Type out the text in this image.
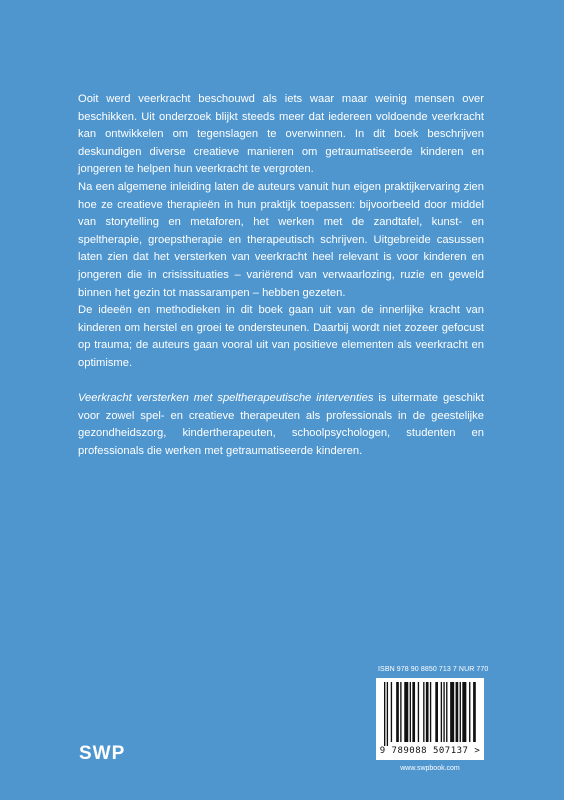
Ooit werd veerkracht beschouwd als iets waar maar weinig mensen over beschikken. Uit onderzoek blijkt steeds meer dat iedereen voldoende veerkracht kan ontwikkelen om tegenslagen te overwinnen. In dit boek beschrijven deskundigen diverse creatieve manieren om getraumatiseerde kinderen en jongeren te helpen hun veerkracht te vergroten.

Na een algemene inleiding laten de auteurs vanuit hun eigen praktijkervaring zien hoe ze creatieve therapieën in hun praktijk toepassen: bijvoorbeeld door middel van storytelling en metaforen, het werken met de zandtafel, kunst- en speltherapie, groepstherapie en therapeutisch schrijven. Uitgebreide casussen laten zien dat het versterken van veerkracht heel relevant is voor kinderen en jongeren die in crisissituaties – variërend van verwaarlozing, ruzie en geweld binnen het gezin tot massarampen – hebben gezeten.

De ideeën en methodieken in dit boek gaan uit van de innerlijke kracht van kinderen om herstel en groei te ondersteunen. Daarbij wordt niet zozeer gefocust op trauma; de auteurs gaan vooral uit van positieve elementen als veerkracht en optimisme.

Veerkracht versterken met speltherapeutische interventies is uitermate geschikt voor zowel spel- en creatieve therapeuten als professionals in de geestelijke gezondheidszorg, kindertherapeuten, schoolpsychologen, studenten en professionals die werken met getraumatiseerde kinderen.

ISBN 978 90 8850 713 7 NUR 770
9 789088 507137 >
www.swpbook.com
SWP
